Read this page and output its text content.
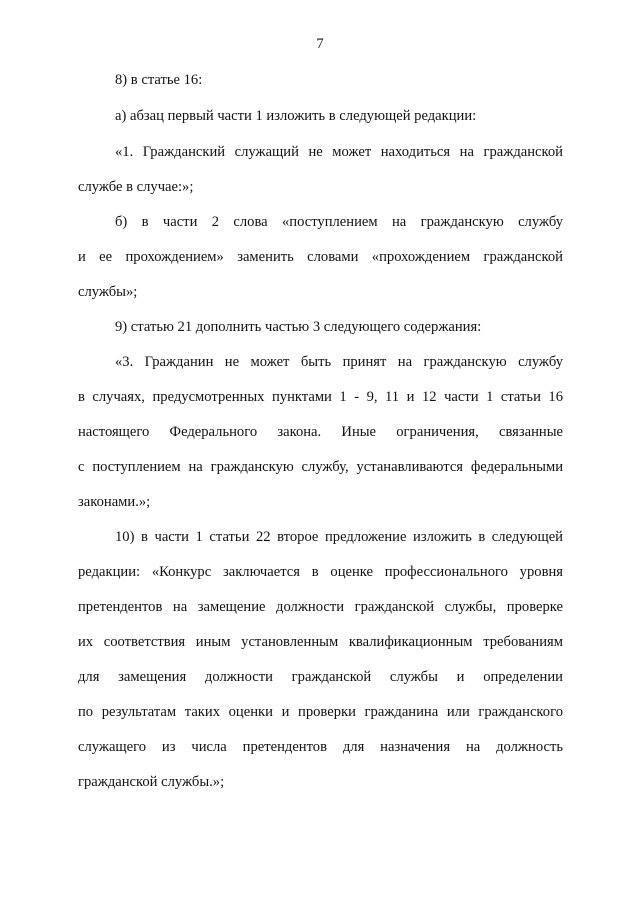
7
8) в статье 16:
а) абзац первый части 1 изложить в следующей редакции:
«1. Гражданский служащий не может находиться на гражданской
службе в случае:»;
б) в части 2 слова «поступлением на гражданскую службу
и ее прохождением» заменить словами «прохождением гражданской
службы»;
9) статью 21 дополнить частью 3 следующего содержания:
«3. Гражданин не может быть принят на гражданскую службу
в случаях, предусмотренных пунктами 1 - 9, 11 и 12 части 1 статьи 16
настоящего Федерального закона. Иные ограничения, связанные
с поступлением на гражданскую службу, устанавливаются федеральными
законами.»;
10) в части 1 статьи 22 второе предложение изложить в следующей
редакции: «Конкурс заключается в оценке профессионального уровня
претендентов на замещение должности гражданской службы, проверке
их соответствия иным установленным квалификационным требованиям
для замещения должности гражданской службы и определении
по результатам таких оценки и проверки гражданина или гражданского
служащего из числа претендентов для назначения на должность
гражданской службы.»;
